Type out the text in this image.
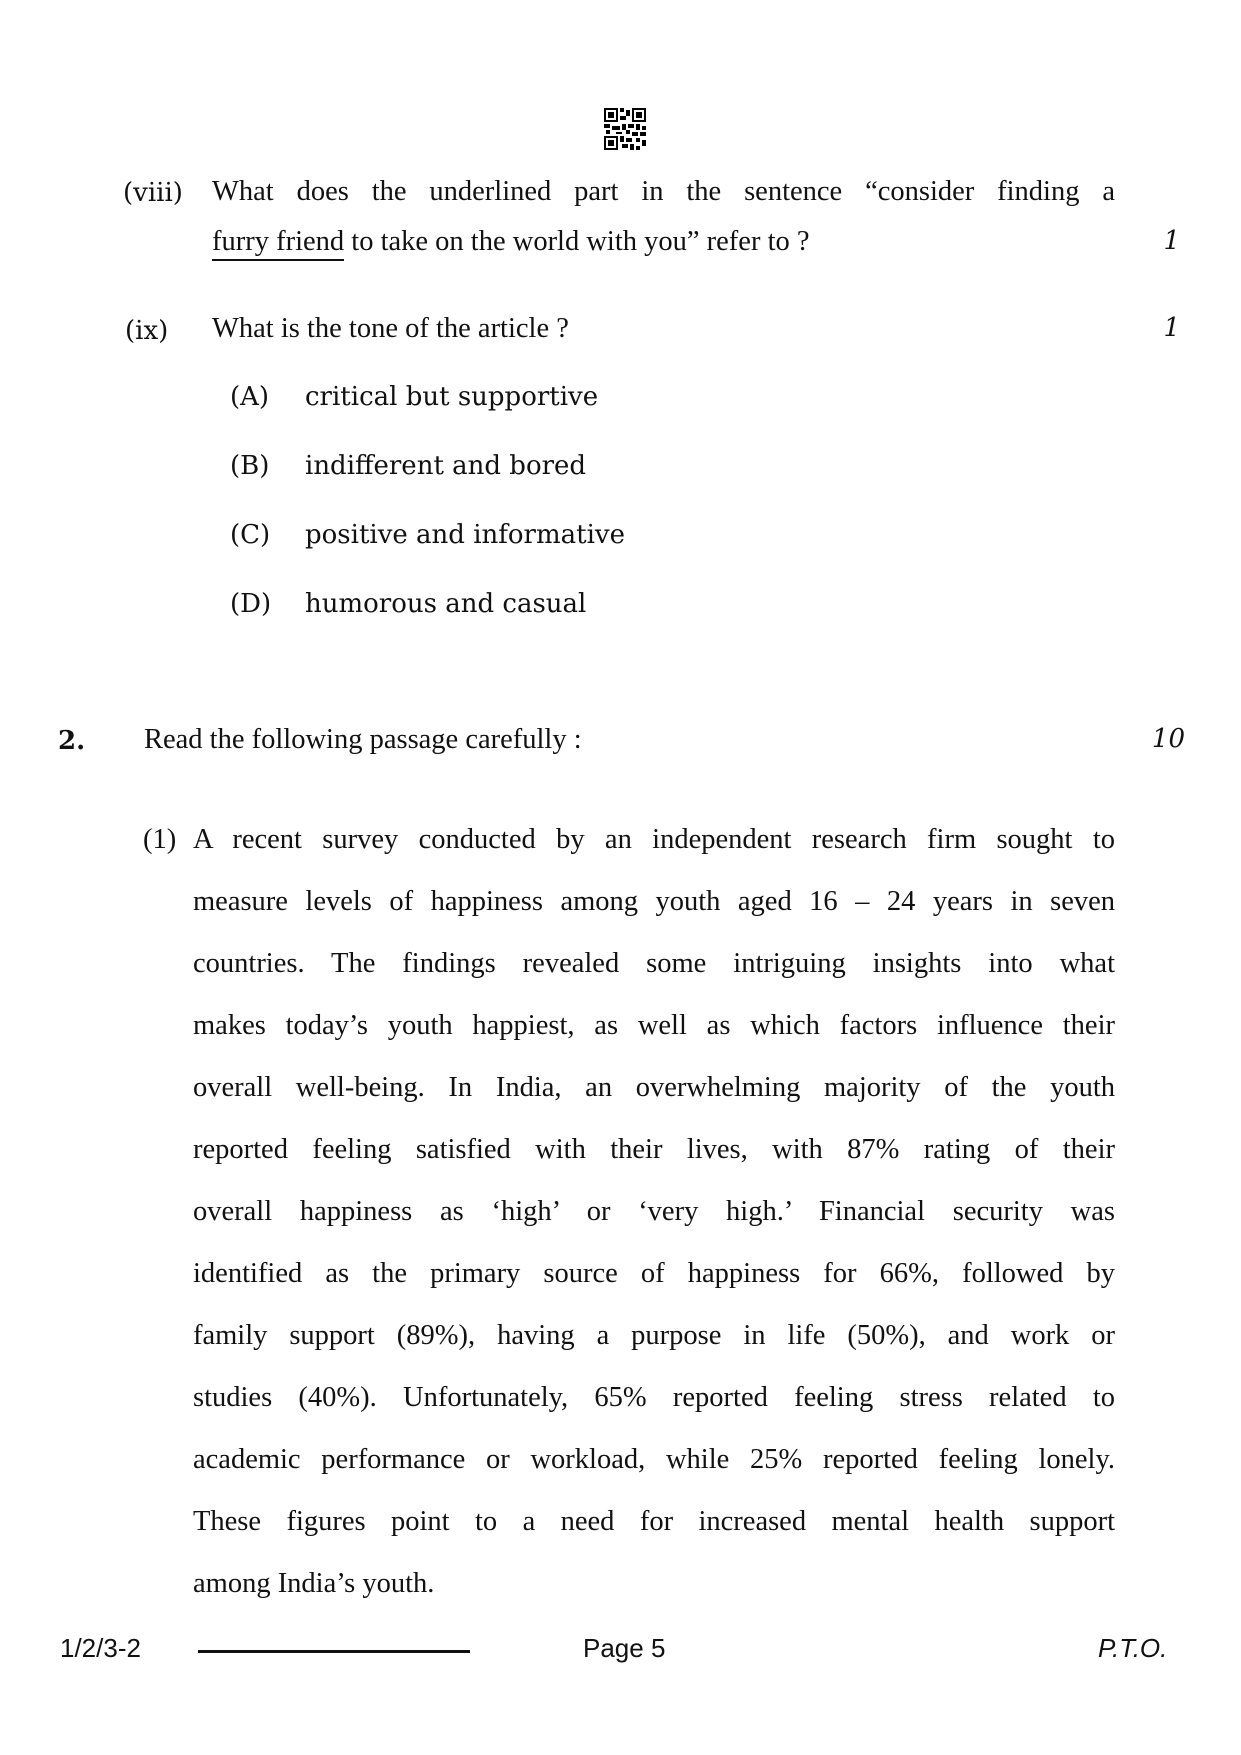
(viii) What does the underlined part in the sentence “consider finding a
furry friend to take on the world with you” refer to ?	1
(ix) What is the tone of the article ?	1
(A) critical but supportive
(B) indifferent and bored
(C) positive and informative
(D) humorous and casual
2. Read the following passage carefully :	10
(1) A recent survey conducted by an independent research firm sought to
measure levels of happiness among youth aged 16 – 24 years in seven
countries. The findings revealed some intriguing insights into what
makes today’s youth happiest, as well as which factors influence their
overall well-being. In India, an overwhelming majority of the youth
reported feeling satisfied with their lives, with 87% rating of their
overall happiness as ‘high’ or ‘very high.’ Financial security was
identified as the primary source of happiness for 66%, followed by
family support (89%), having a purpose in life (50%), and work or
studies (40%). Unfortunately, 65% reported feeling stress related to
academic performance or workload, while 25% reported feeling lonely.
These figures point to a need for increased mental health support
among India’s youth.
1/2/3-2	Page 5	P.T.O.
